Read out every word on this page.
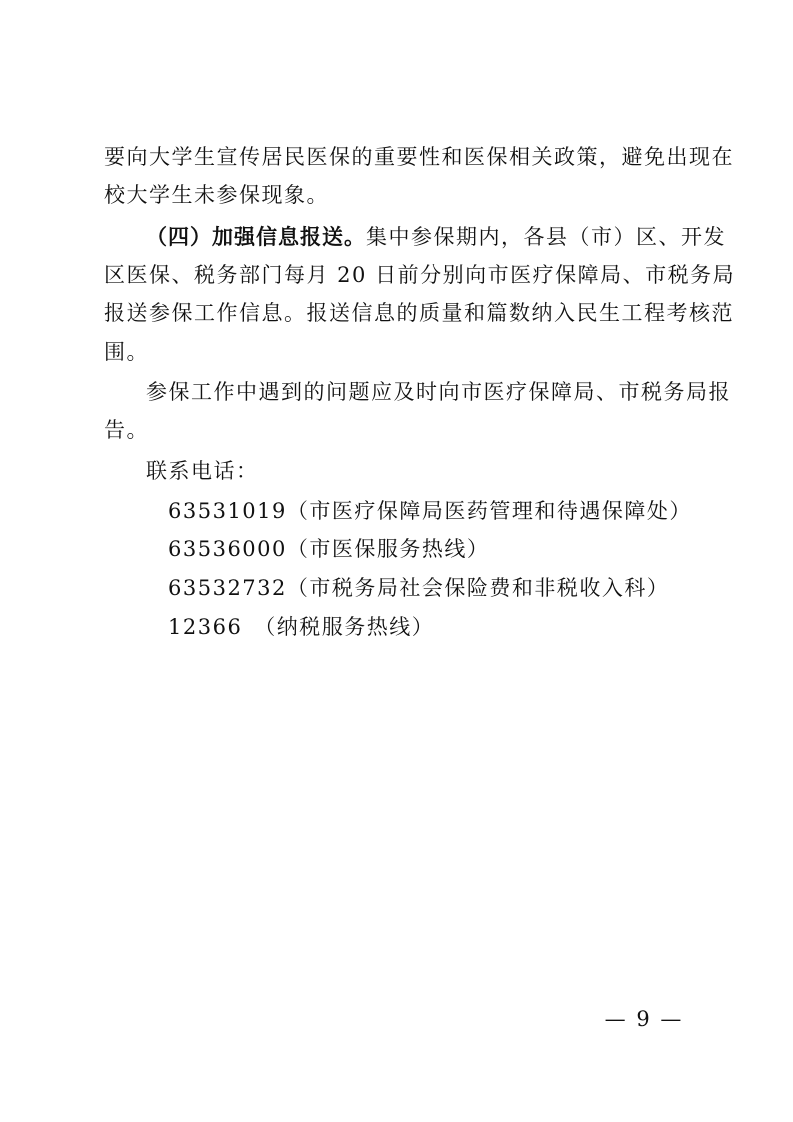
要向大学生宣传居民医保的重要性和医保相关政策，避免出现在
校大学生未参保现象。
（四）加强信息报送。集中参保期内，各县（市）区、开发
区医保、税务部门每月 20 日前分别向市医疗保障局、市税务局
报送参保工作信息。报送信息的质量和篇数纳入民生工程考核范
围。
参保工作中遇到的问题应及时向市医疗保障局、市税务局报
告。
联系电话：
63531019（市医疗保障局医药管理和待遇保障处）
63536000（市医保服务热线）
63532732（市税务局社会保险费和非税收入科）
12366　（纳税服务热线）
— 9 —
